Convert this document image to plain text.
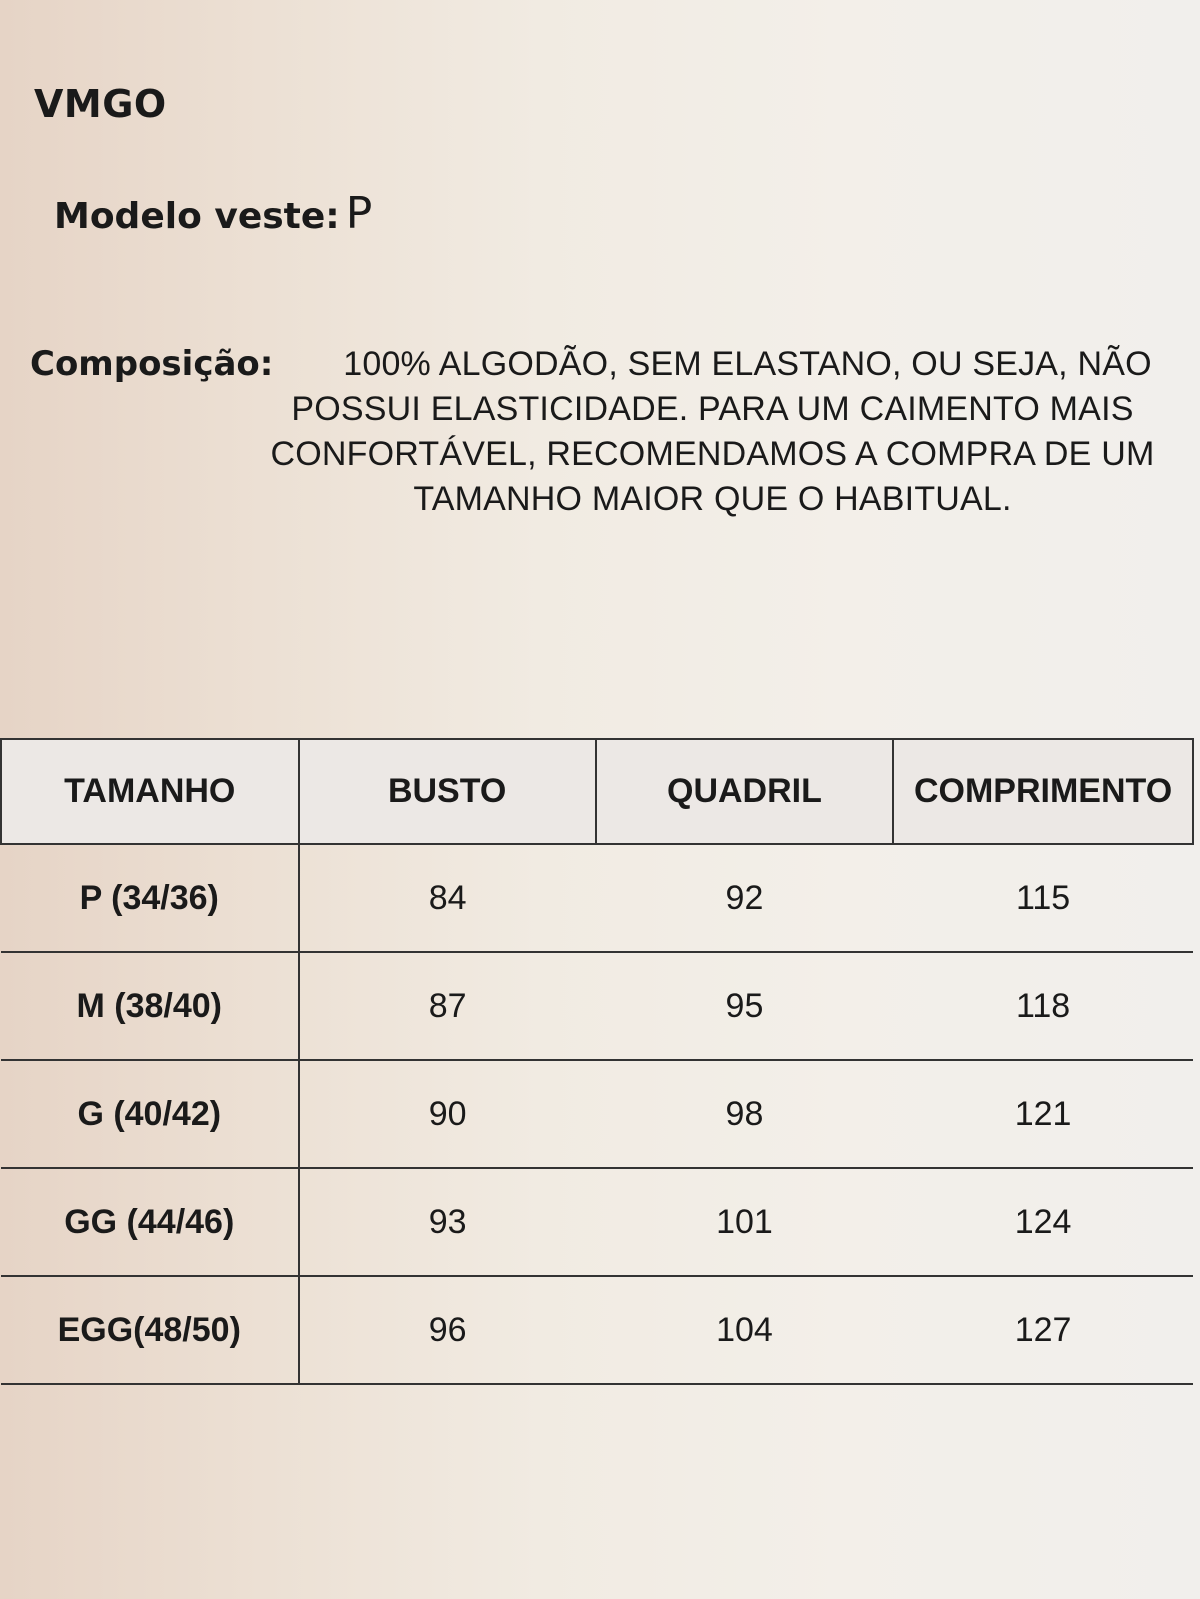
VMGO
Modelo veste: P
Composição:	100% ALGODÃO, SEM ELASTANO, OU SEJA, NÃO POSSUI ELASTICIDADE. PARA UM CAIMENTO MAIS CONFORTÁVEL, RECOMENDAMOS A COMPRA DE UM TAMANHO MAIOR QUE O HABITUAL.
TAMANHO	BUSTO	QUADRIL	COMPRIMENTO
P (34/36)	84	92	115
M (38/40)	87	95	118
G (40/42)	90	98	121
GG (44/46)	93	101	124
EGG(48/50)	96	104	127
